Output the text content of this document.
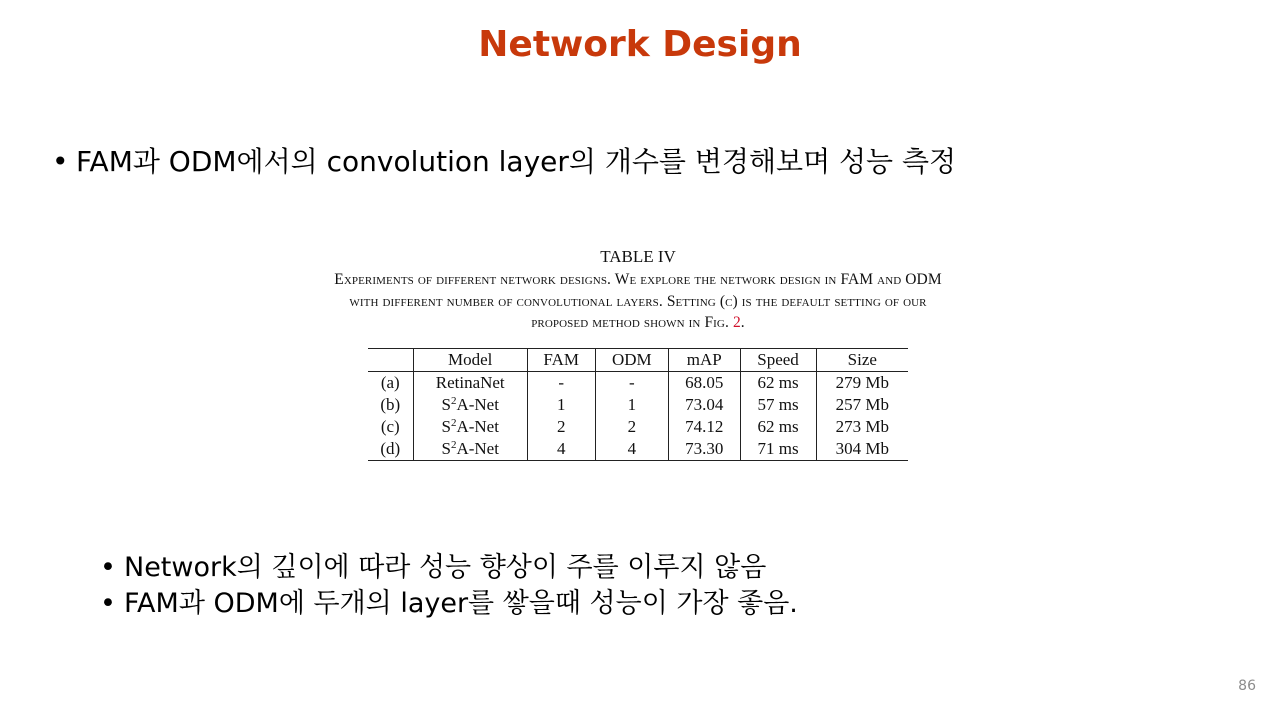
Network Design
• FAM과 ODM에서의 convolution layer의 개수를 변경해보며 성능 측정
TABLE IV
Experiments of different network designs. We explore the network design in FAM and ODM with different number of convolutional layers. Setting (c) is the default setting of our proposed method shown in Fig. 2.
	Model	FAM	ODM	mAP	Speed	Size
(a)	RetinaNet	-	-	68.05	62 ms	279 Mb
(b)	$S^2A$-Net	1	1	73.04	57 ms	257 Mb
(c)	$S^2A$-Net	2	2	74.12	62 ms	273 Mb
(d)	$S^2A$-Net	4	4	73.30	71 ms	304 Mb
• Network의 깊이에 따라 성능 향상이 주를 이루지 않음
• FAM과 ODM에 두개의 layer를 쌓을때 성능이 가장 좋음.
86
